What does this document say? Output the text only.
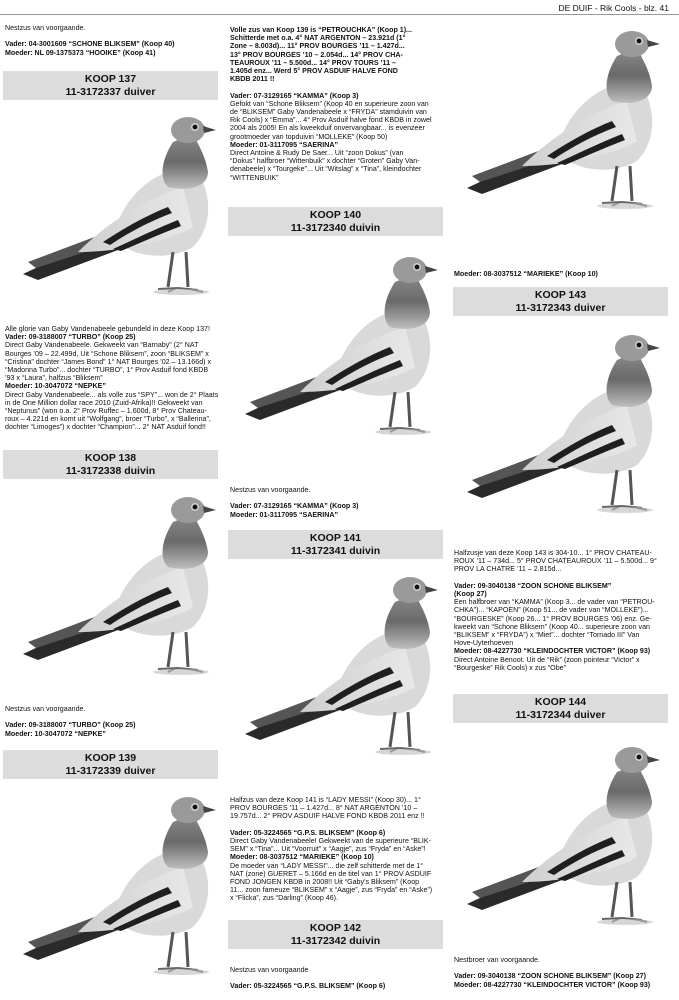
DE DUIF - Rik Cools - blz. 41

Nestzus van voorgaande.

Vader: 04-3001609 “SCHONE BLIKSEM” (Koop 40)

Moeder: NL 09-1375373 “HOOIKE” (Koop 41)

KOOP 137
11-3172337 duiver

Alle glorie van Gaby Vandenabeele gebundeld in deze Koop 137!

Vader: 09-3188007 “TURBO” (Koop 25)

Direct Gaby Vandenabeele. Gekweekt van “Barnaby” (2° NAT

Bourges ’09 – 22.499d, Uit “Schone Bliksem”, zoon “BLIKSEM” x

“Cristina” dochter “James Bond” 1° NAT Bourges ’02 – 13.166d) x

“Madonna Turbo”... dochter “TURBO”, 1° Prov Asduif fond KBDB

’93 x “Laura”, halfzus “Bliksem”

Moeder: 10-3047072 “NEPKE”

Direct Gaby Vandenabeele... als volle zus “SPY”... won de 2° Plaats

in de One Million dollar race 2010 (Zuid-Afrika)!! Gekweekt van

“Neptunus” (won o.a. 2° Prov Ruffec – 1.600d, 8° Prov Chateau-

roux – 4.221d en komt uit “Wolfgang”, broer “Turbo”, x “Ballerina”,

dochter “Limoges”) x dochter “Champion”... 2° NAT Asduif fond!!

KOOP 138
11-3172338 duivin

Nestzus van voorgaande.

Vader: 09-3188007 “TURBO” (Koop 25)

Moeder: 10-3047072 “NEPKE”

KOOP 139
11-3172339 duiver

Volle zus van Koop 139 is “PETROUCHKA” (Koop 1)...

Schitterde met o.a. 4° NAT ARGENTON – 23.921d (1°

Zone – 8.003d)... 11° PROV BOURGES ’11 – 1.427d...

13° PROV BOURGES ’10 – 2.054d... 14° PROV CHA-

TEAUROUX ’11 – 5.500d... 14° PROV TOURS ’11 –

1.405d enz... Werd 5° PROV ASDUIF HALVE FOND

KBDB 2011 !!

Vader: 07-3129165 “KAMMA” (Koop 3)

Gefokt van “Schone Bliksem” (Koop 40 en superieure zoon van

de “BLIKSEM” Gaby Vandenabeele x “FRYDA” stamduivin van

Rik Cools) x “Emma”... 4° Prov Asduif halve fond KBDB in zowel

2004 als 2005! En als kweekduif onvervangbaar... is evenzeer

grootmoeder van topduivin “MOLLEKE” (Koop 50)

Moeder: 01-3117095 “SAERINA”

Direct Antoine & Rudy De Saer... Uit “zoon Dokus” (van

“Dokus” halfbroer “Wittenbuik” x dochter “Groten” Gaby Van-

denabeele) x “Tourgeke”... Uit “Witslag” x “Tina”, kleindochter

“WITTENBUIK”

KOOP 140
11-3172340 duivin

Nestzus van voorgaande.

Vader: 07-3129165 “KAMMA” (Koop 3)

Moeder: 01-3117095 “SAERINA”

KOOP 141
11-3172341 duivin

Halfzus van deze Koop 141 is “LADY MESSI” (Koop 30)... 1°

PROV BOURGES ’11 – 1.427d... 8° NAT ARGENTON ’10 –

19.757d... 2° PROV ASDUIF HALVE FOND KBDB 2011 enz !!

Vader: 05-3224565 “G.P.S. BLIKSEM” (Koop 6)

Direct Gaby Vandenabeele! Gekweekt van de superieure “BLIK-

SEM” x “Tina”... Uit “Voorruit” x “Aagje”, zus “Fryda” en “Aske”!

Moeder: 08-3037512 “MARIEKE” (Koop 10)

De moeder van “LADY MESSI”... die zelf schitterde met de 1°

NAT (zone) GUERET – 5.166d en de titel van 1° PROV ASDUIF

FOND JONGEN KBDB in 2008!! Uit “Gaby’s Bliksem” (Koop

11... zoon fameuze “BLIKSEM” x “Aagje”, zus “Fryda” en “Aske”)

x “Flicka”, zus “Darling” (Koop 46).

KOOP 142
11-3172342 duivin

Nestzus van voorgaande

Vader: 05-3224565 “G.P.S. BLIKSEM” (Koop 6)

Moeder: 08-3037512 “MARIEKE” (Koop 10)

KOOP 143
11-3172343 duiver

Halfzusje van deze Koop 143 is 304-10... 1° PROV CHATEAU-

ROUX ’11 – 734d... 5° PROV CHATEAUROUX ’11 – 5.500d... 9°

PROV LA CHATRE ’11 – 2.815d...

Vader: 09-3040138 “ZOON SCHONE BLIKSEM”

(Koop 27)

Een halfbroer van “KAMMA” (Koop 3... de vader van “PETROU-

CHKA”)... “KAPOEN” (Koop 51... de vader van “MOLLEKE”)...

“BOURGESKE” (Koop 26... 1° PROV BOURGES ’06) enz. Ge-

kweekt van “Schone Bliksem” (Koop 40... superieure zoon van

“BLIKSEM” x “FRYDA”) x “Miet”... dochter “Tornado III” Van

Hove-Uyterhoeven

Moeder: 08-4227730 “KLEINDOCHTER VICTOR” (Koop 93)

Direct Antoine Benoot. Uit de “Rik” (zoon pointeur “Victor” x

“Bourgeske” Rik Cools) x zus “Obe”

KOOP 144
11-3172344 duiver

Nestbroer van voorgaande.

Vader: 09-3040138 “ZOON SCHONE BLIKSEM” (Koop 27)

Moeder: 08-4227730 “KLEINDOCHTER VICTOR” (Koop 93)
